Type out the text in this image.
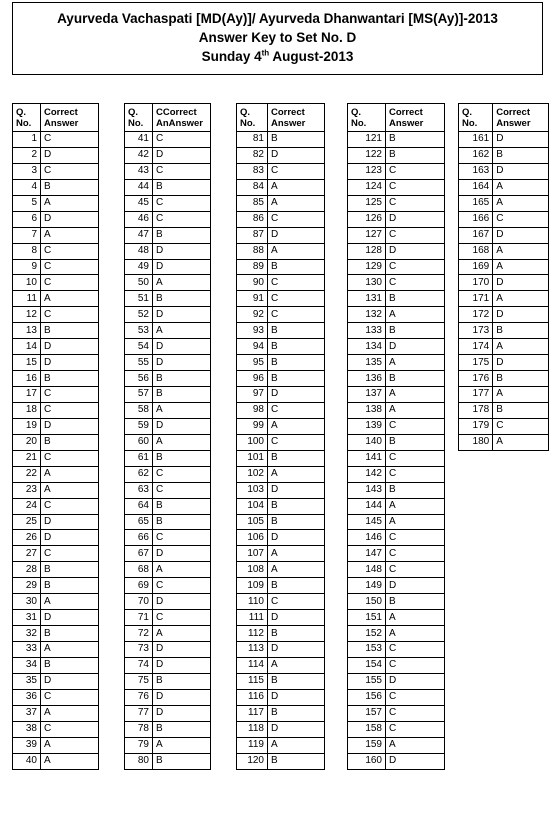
Ayurveda Vachaspati [MD(Ay)]/ Ayurveda Dhanwantari [MS(Ay)]-2013
Answer Key to Set No. D
Sunday 4th August-2013
Q.
No.	Correct
Answer
1	C
2	D
3	C
4	B
5	A
6	D
7	A
8	C
9	C
10	C
11	A
12	C
13	B
14	D
15	D
16	B
17	C
18	C
19	D
20	B
21	C
22	A
23	A
24	C
25	D
26	D
27	C
28	B
29	B
30	A
31	D
32	B
33	A
34	B
35	D
36	C
37	A
38	C
39	A
40	A
Q.
No.	CCorrect
AnAnswer
41	C
42	D
43	C
44	B
45	C
46	C
47	B
48	D
49	D
50	A
51	B
52	D
53	A
54	D
55	D
56	B
57	B
58	A
59	D
60	A
61	B
62	C
63	C
64	B
65	B
66	C
67	D
68	A
69	C
70	D
71	C
72	A
73	D
74	D
75	B
76	D
77	D
78	B
79	A
80	B
Q.
No.	Correct
Answer
81	B
82	D
83	C
84	A
85	A
86	C
87	D
88	A
89	B
90	C
91	C
92	C
93	B
94	B
95	B
96	B
97	D
98	C
99	A
100	C
101	B
102	A
103	D
104	B
105	B
106	D
107	A
108	A
109	B
110	C
111	D
112	B
113	D
114	A
115	B
116	D
117	B
118	D
119	A
120	B
Q.
No.	Correct
Answer
121	B
122	B
123	C
124	C
125	C
126	D
127	C
128	D
129	C
130	C
131	B
132	A
133	B
134	D
135	A
136	B
137	A
138	A
139	C
140	B
141	C
142	C
143	B
144	A
145	A
146	C
147	C
148	C
149	D
150	B
151	A
152	A
153	C
154	C
155	D
156	C
157	C
158	C
159	A
160	D
Q.
No.	Correct
Answer
161	D
162	B
163	D
164	A
165	A
166	C
167	D
168	A
169	A
170	D
171	A
172	D
173	B
174	A
175	D
176	B
177	A
178	B
179	C
180	A
